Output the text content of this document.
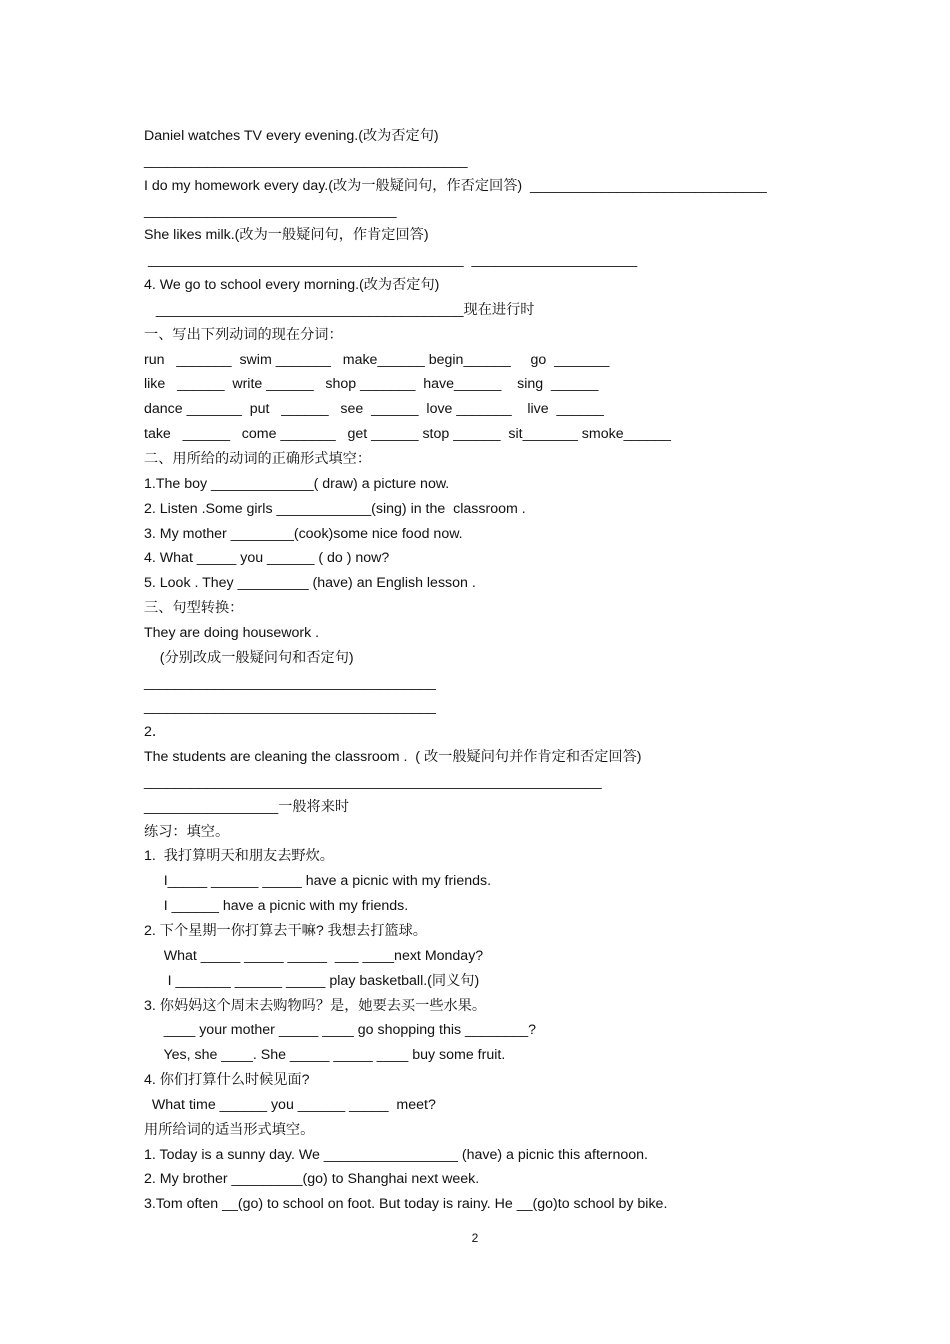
Daniel watches TV every evening.(改为否定句)
_________________________________________
I do my homework every day.(改为一般疑问句，作否定回答)  ______________________________
________________________________
She likes milk.(改为一般疑问句，作肯定回答)
________________________________________  _____________________
4. We go to school every morning.(改为否定句)
_______________________________________现在进行时
一、写出下列动词的现在分词：
run   _______  swim _______   make______ begin______     go  _______
like   ______  write ______   shop _______  have______    sing  ______
dance _______  put   ______   see  ______  love _______    live  ______
take   ______   come _______   get ______ stop ______  sit_______ smoke______
二、用所给的动词的正确形式填空：
1.The boy _____________( draw) a picture now.
2. Listen .Some girls ____________(sing) in the  classroom .
3. My mother ________(cook)some nice food now.
4. What _____ you ______ ( do ) now?
5. Look . They _________ (have) an English lesson .
三、句型转换：
They are doing housework .
(分别改成一般疑问句和否定句)
_____________________________________
_____________________________________
2．
The students are cleaning the classroom .  ( 改一般疑问句并作肯定和否定回答)
__________________________________________________________
_________________一般将来时
练习：填空。
1.  我打算明天和朋友去野炊。
I_____ ______ _____ have a picnic with my friends.
I ______ have a picnic with my friends.
2. 下个星期一你打算去干嘛? 我想去打篮球。
What _____ _____ _____  ___ ____next Monday?
I _______ ______ _____ play basketball.(同义句)
3. 你妈妈这个周末去购物吗？是，她要去买一些水果。
____ your mother _____ ____ go shopping this ________?
Yes, she ____. She _____ _____ ____ buy some fruit.
4. 你们打算什么时候见面?
What time ______ you ______ _____  meet?
用所给词的适当形式填空。
1. Today is a sunny day. We _________________ (have) a picnic this afternoon.
2. My brother _________(go) to Shanghai next week.
3.Tom often __(go) to school on foot. But today is rainy. He __(go)to school by bike.
2
